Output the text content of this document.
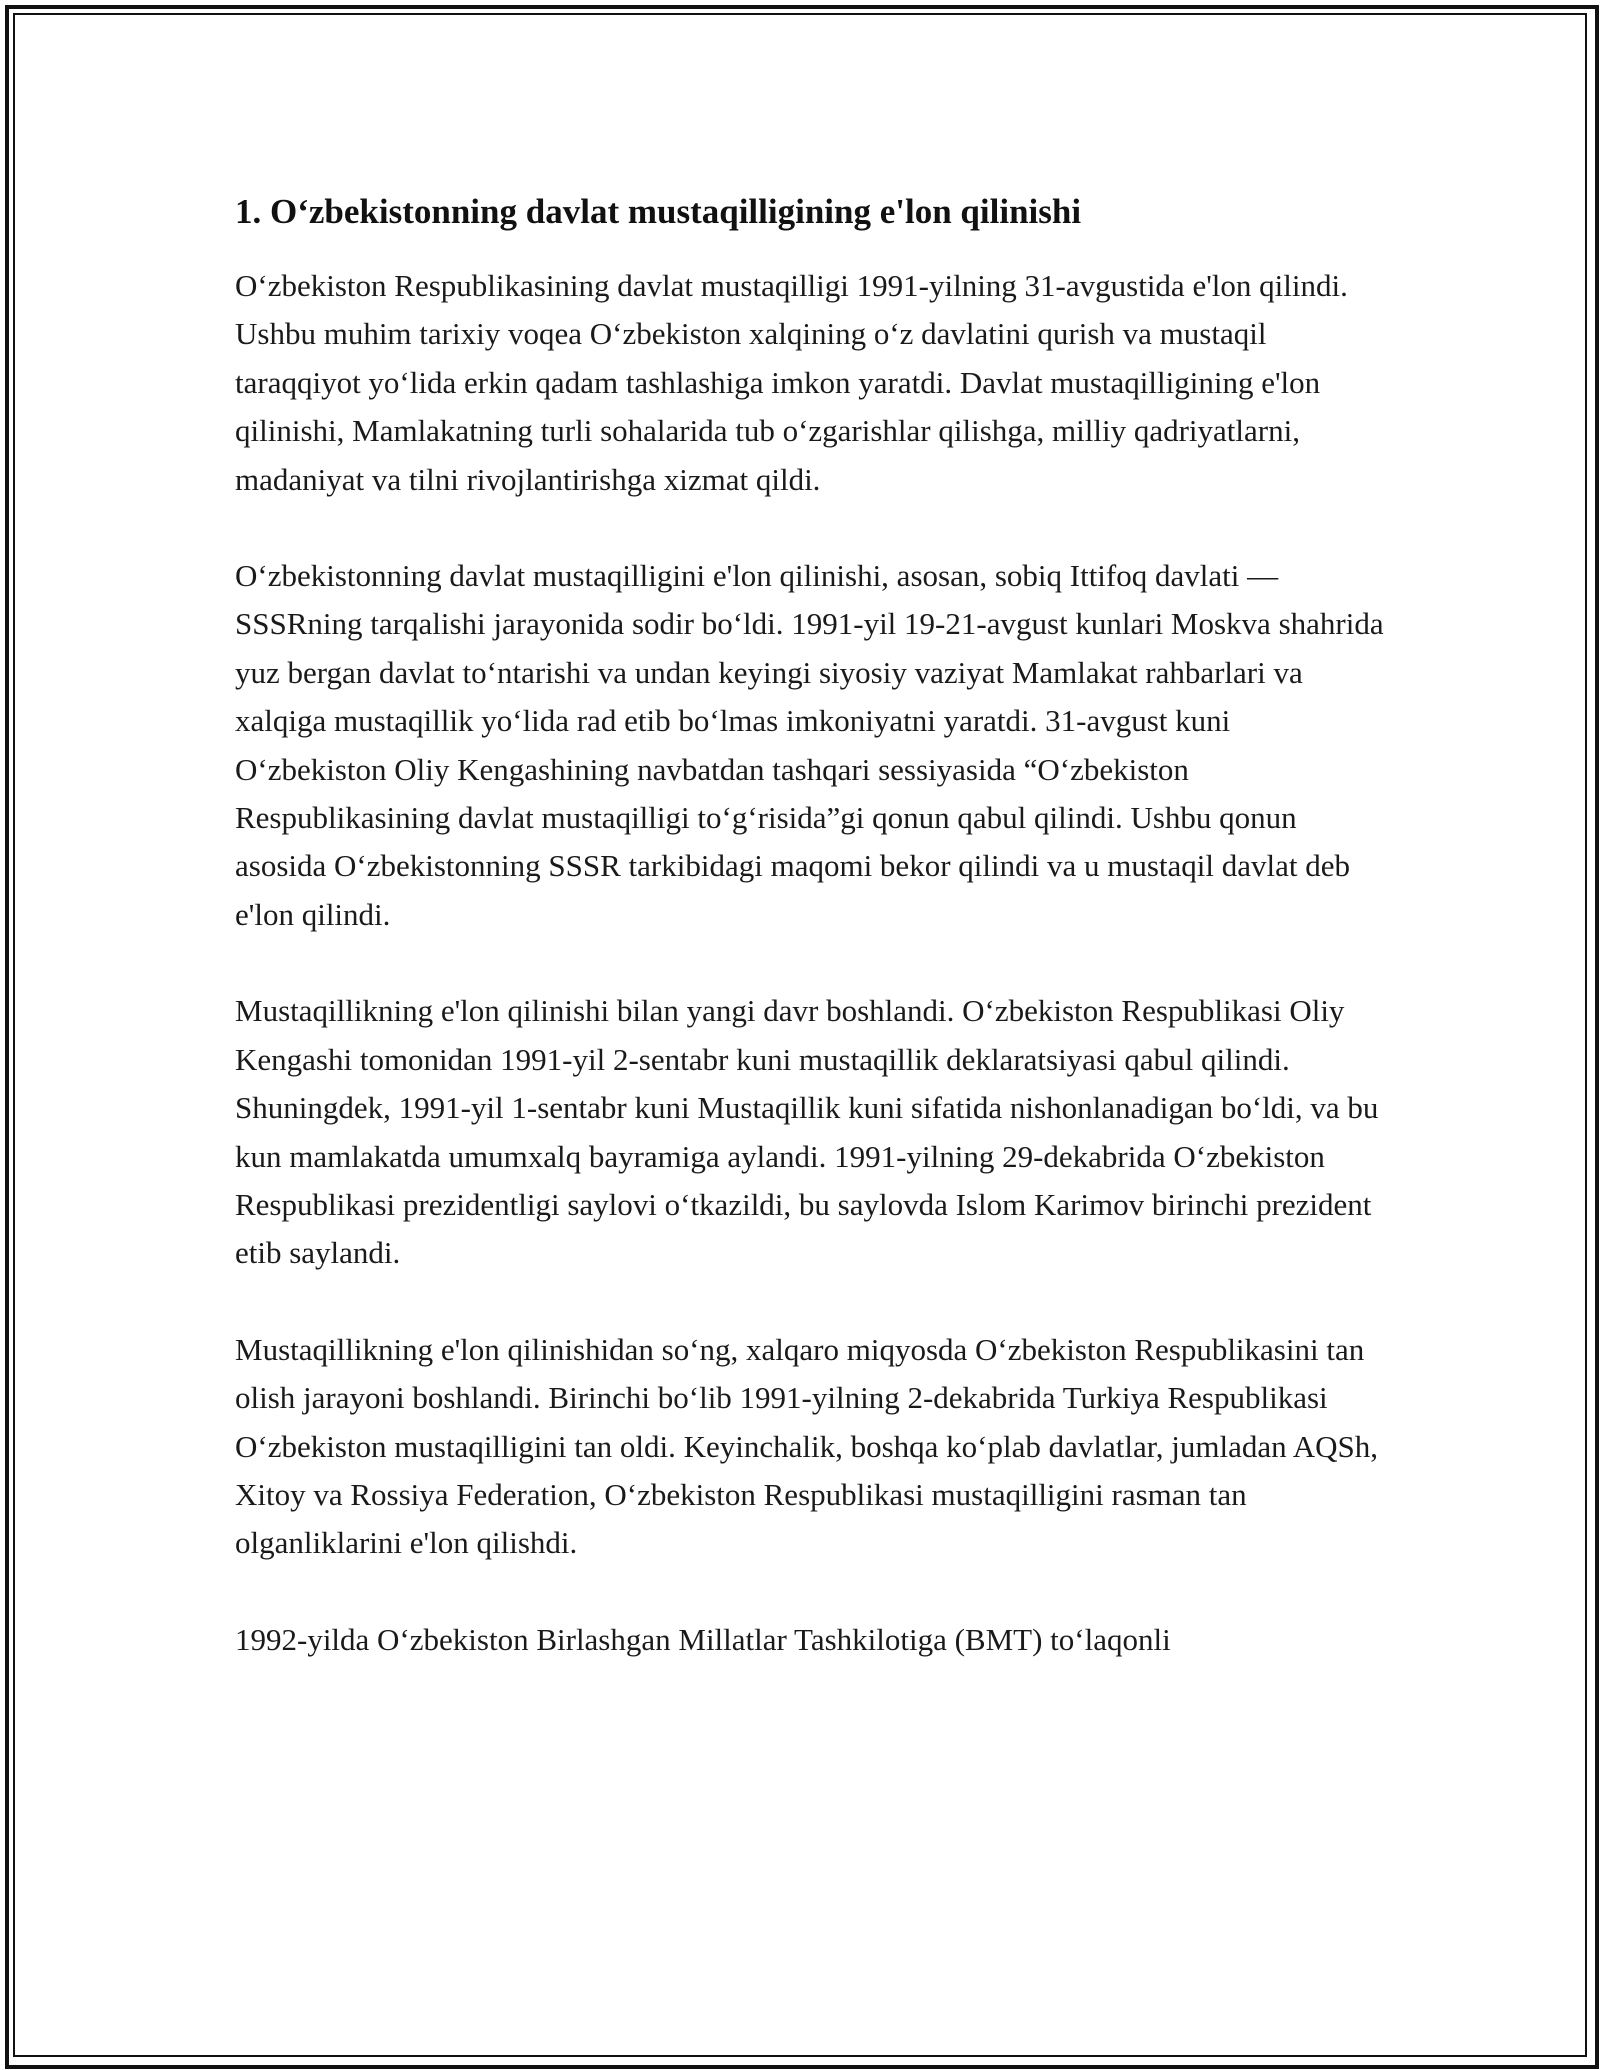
1. O‘zbekistonning davlat mustaqilligining e'lon qilinishi

O‘zbekiston Respublikasining davlat mustaqilligi 1991-yilning 31-avgustida e'lon qilindi. Ushbu muhim tarixiy voqea O‘zbekiston xalqining o‘z davlatini qurish va mustaqil taraqqiyot yo‘lida erkin qadam tashlashiga imkon yaratdi. Davlat mustaqilligining e'lon qilinishi, Mamlakatning turli sohalarida tub o‘zgarishlar qilishga, milliy qadriyatlarni, madaniyat va tilni rivojlantirishga xizmat qildi.

O‘zbekistonning davlat mustaqilligini e'lon qilinishi, asosan, sobiq Ittifoq davlati — SSSRning tarqalishi jarayonida sodir bo‘ldi. 1991-yil 19-21-avgust kunlari Moskva shahrida yuz bergan davlat to‘ntarishi va undan keyingi siyosiy vaziyat Mamlakat rahbarlari va xalqiga mustaqillik yo‘lida rad etib bo‘lmas imkoniyatni yaratdi. 31-avgust kuni O‘zbekiston Oliy Kengashining navbatdan tashqari sessiyasida “O‘zbekiston Respublikasining davlat mustaqilligi to‘g‘risida”gi qonun qabul qilindi. Ushbu qonun asosida O‘zbekistonning SSSR tarkibidagi maqomi bekor qilindi va u mustaqil davlat deb e'lon qilindi.

Mustaqillikning e'lon qilinishi bilan yangi davr boshlandi. O‘zbekiston Respublikasi Oliy Kengashi tomonidan 1991-yil 2-sentabr kuni mustaqillik deklaratsiyasi qabul qilindi. Shuningdek, 1991-yil 1-sentabr kuni Mustaqillik kuni sifatida nishonlanadigan bo‘ldi, va bu kun mamlakatda umumxalq bayramiga aylandi. 1991-yilning 29-dekabrida O‘zbekiston Respublikasi prezidentligi saylovi o‘tkazildi, bu saylovda Islom Karimov birinchi prezident etib saylandi.

Mustaqillikning e'lon qilinishidan so‘ng, xalqaro miqyosda O‘zbekiston Respublikasini tan olish jarayoni boshlandi. Birinchi bo‘lib 1991-yilning 2-dekabrida Turkiya Respublikasi O‘zbekiston mustaqilligini tan oldi. Keyinchalik, boshqa ko‘plab davlatlar, jumladan AQSh, Xitoy va Rossiya Federation, O‘zbekiston Respublikasi mustaqilligini rasman tan olganliklarini e'lon qilishdi.

1992-yilda O‘zbekiston Birlashgan Millatlar Tashkilotiga (BMT) to‘laqonli
